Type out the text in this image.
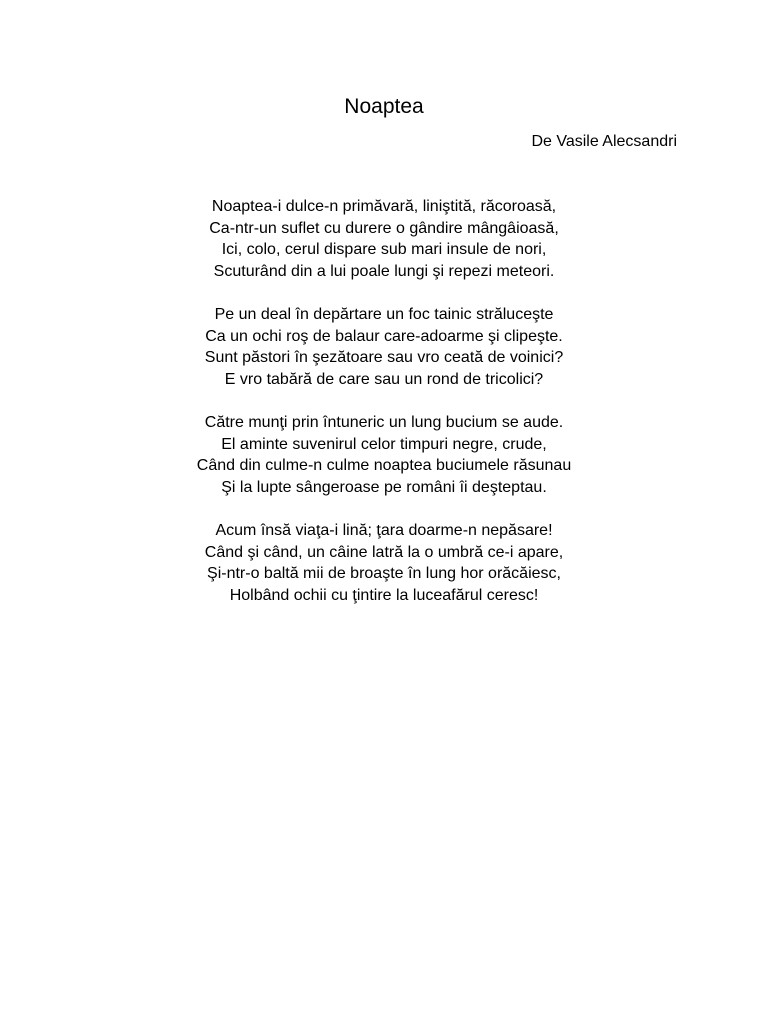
Noaptea
De Vasile Alecsandri
Noaptea-i dulce-n primăvară, liniştită, răcoroasă,
Ca-ntr-un suflet cu durere o gândire mângâioasă,
Ici, colo, cerul dispare sub mari insule de nori,
Scuturând din a lui poale lungi şi repezi meteori.
Pe un deal în depărtare un foc tainic străluceşte
Ca un ochi roş de balaur care-adoarme şi clipeşte.
Sunt păstori în şezătoare sau vro ceată de voinici?
E vro tabără de care sau un rond de tricolici?
Către munţi prin întuneric un lung bucium se aude.
El aminte suvenirul celor timpuri negre, crude,
Când din culme-n culme noaptea buciumele răsunau
Şi la lupte sângeroase pe români îi deşteptau.
Acum însă viaţa-i lină; ţara doarme-n nepăsare!
Când şi când, un câine latră la o umbră ce-i apare,
Şi-ntr-o baltă mii de broaşte în lung hor orăcăiesc,
Holbând ochii cu ţintire la luceafărul ceresc!
